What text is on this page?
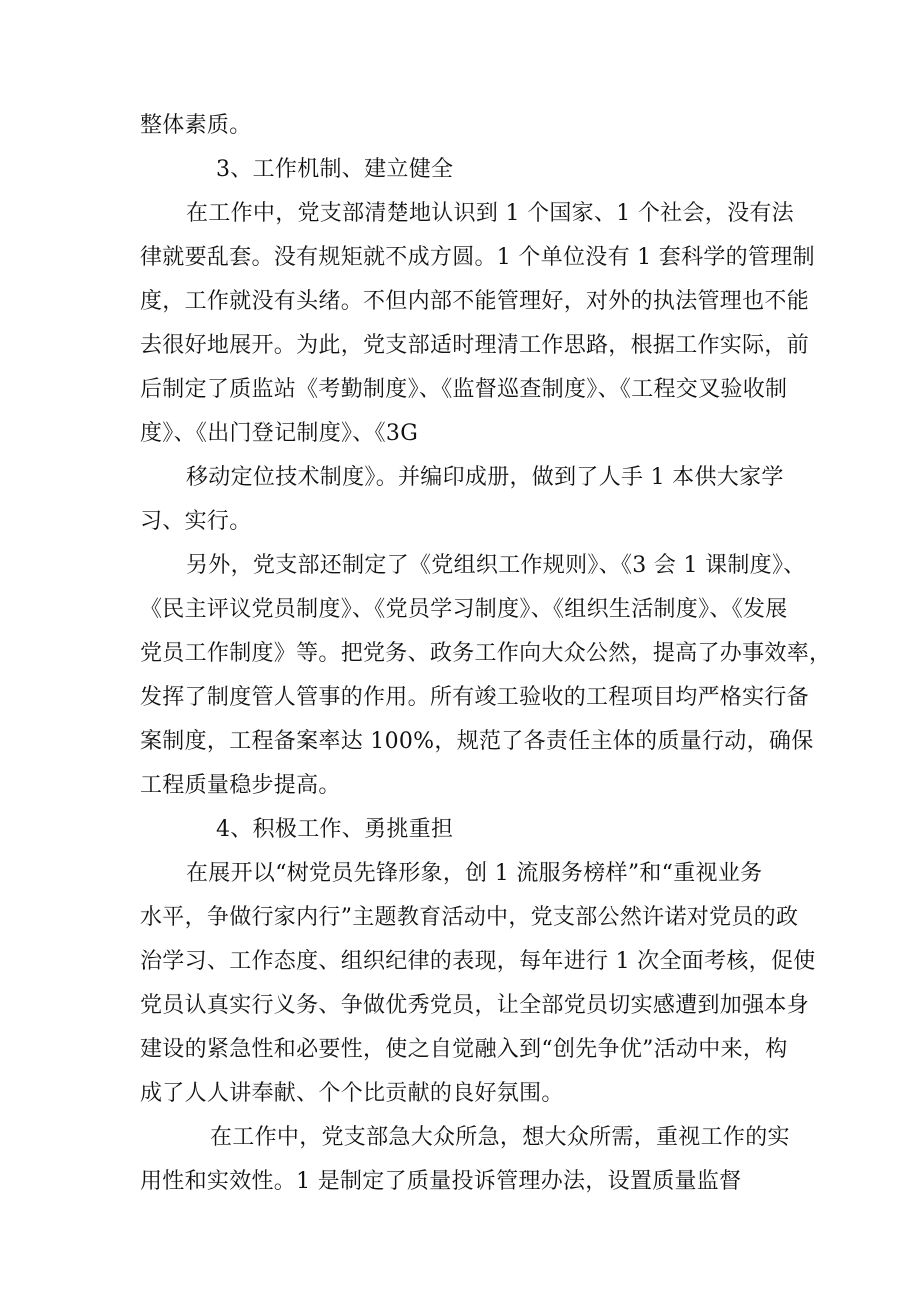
整体素质。
3、工作机制、建立健全
在工作中，党支部清楚地认识到 1 个国家、1 个社会，没有法
律就要乱套。没有规矩就不成方圆。1 个单位没有 1 套科学的管理制
度，工作就没有头绪。不但内部不能管理好，对外的执法管理也不能
去很好地展开。为此，党支部适时理清工作思路，根据工作实际，前
后制定了质监站《考勤制度》、《监督巡查制度》、《工程交叉验收制
度》、《出门登记制度》、《3G
移动定位技术制度》。并编印成册，做到了人手 1 本供大家学
习、实行。
另外，党支部还制定了《党组织工作规则》、《3 会 1 课制度》、
《民主评议党员制度》、《党员学习制度》、《组织生活制度》、《发展
党员工作制度》等。把党务、政务工作向大众公然，提高了办事效率，
发挥了制度管人管事的作用。所有竣工验收的工程项目均严格实行备
案制度，工程备案率达 100%，规范了各责任主体的质量行动，确保
工程质量稳步提高。
4、积极工作、勇挑重担
在展开以“树党员先锋形象，创 1 流服务榜样”和“重视业务
水平，争做行家内行”主题教育活动中，党支部公然许诺对党员的政
治学习、工作态度、组织纪律的表现，每年进行 1 次全面考核，促使
党员认真实行义务、争做优秀党员，让全部党员切实感遭到加强本身
建设的紧急性和必要性，使之自觉融入到“创先争优”活动中来，构
成了人人讲奉献、个个比贡献的良好氛围。
在工作中，党支部急大众所急，想大众所需，重视工作的实
用性和实效性。1 是制定了质量投诉管理办法，设置质量监督
